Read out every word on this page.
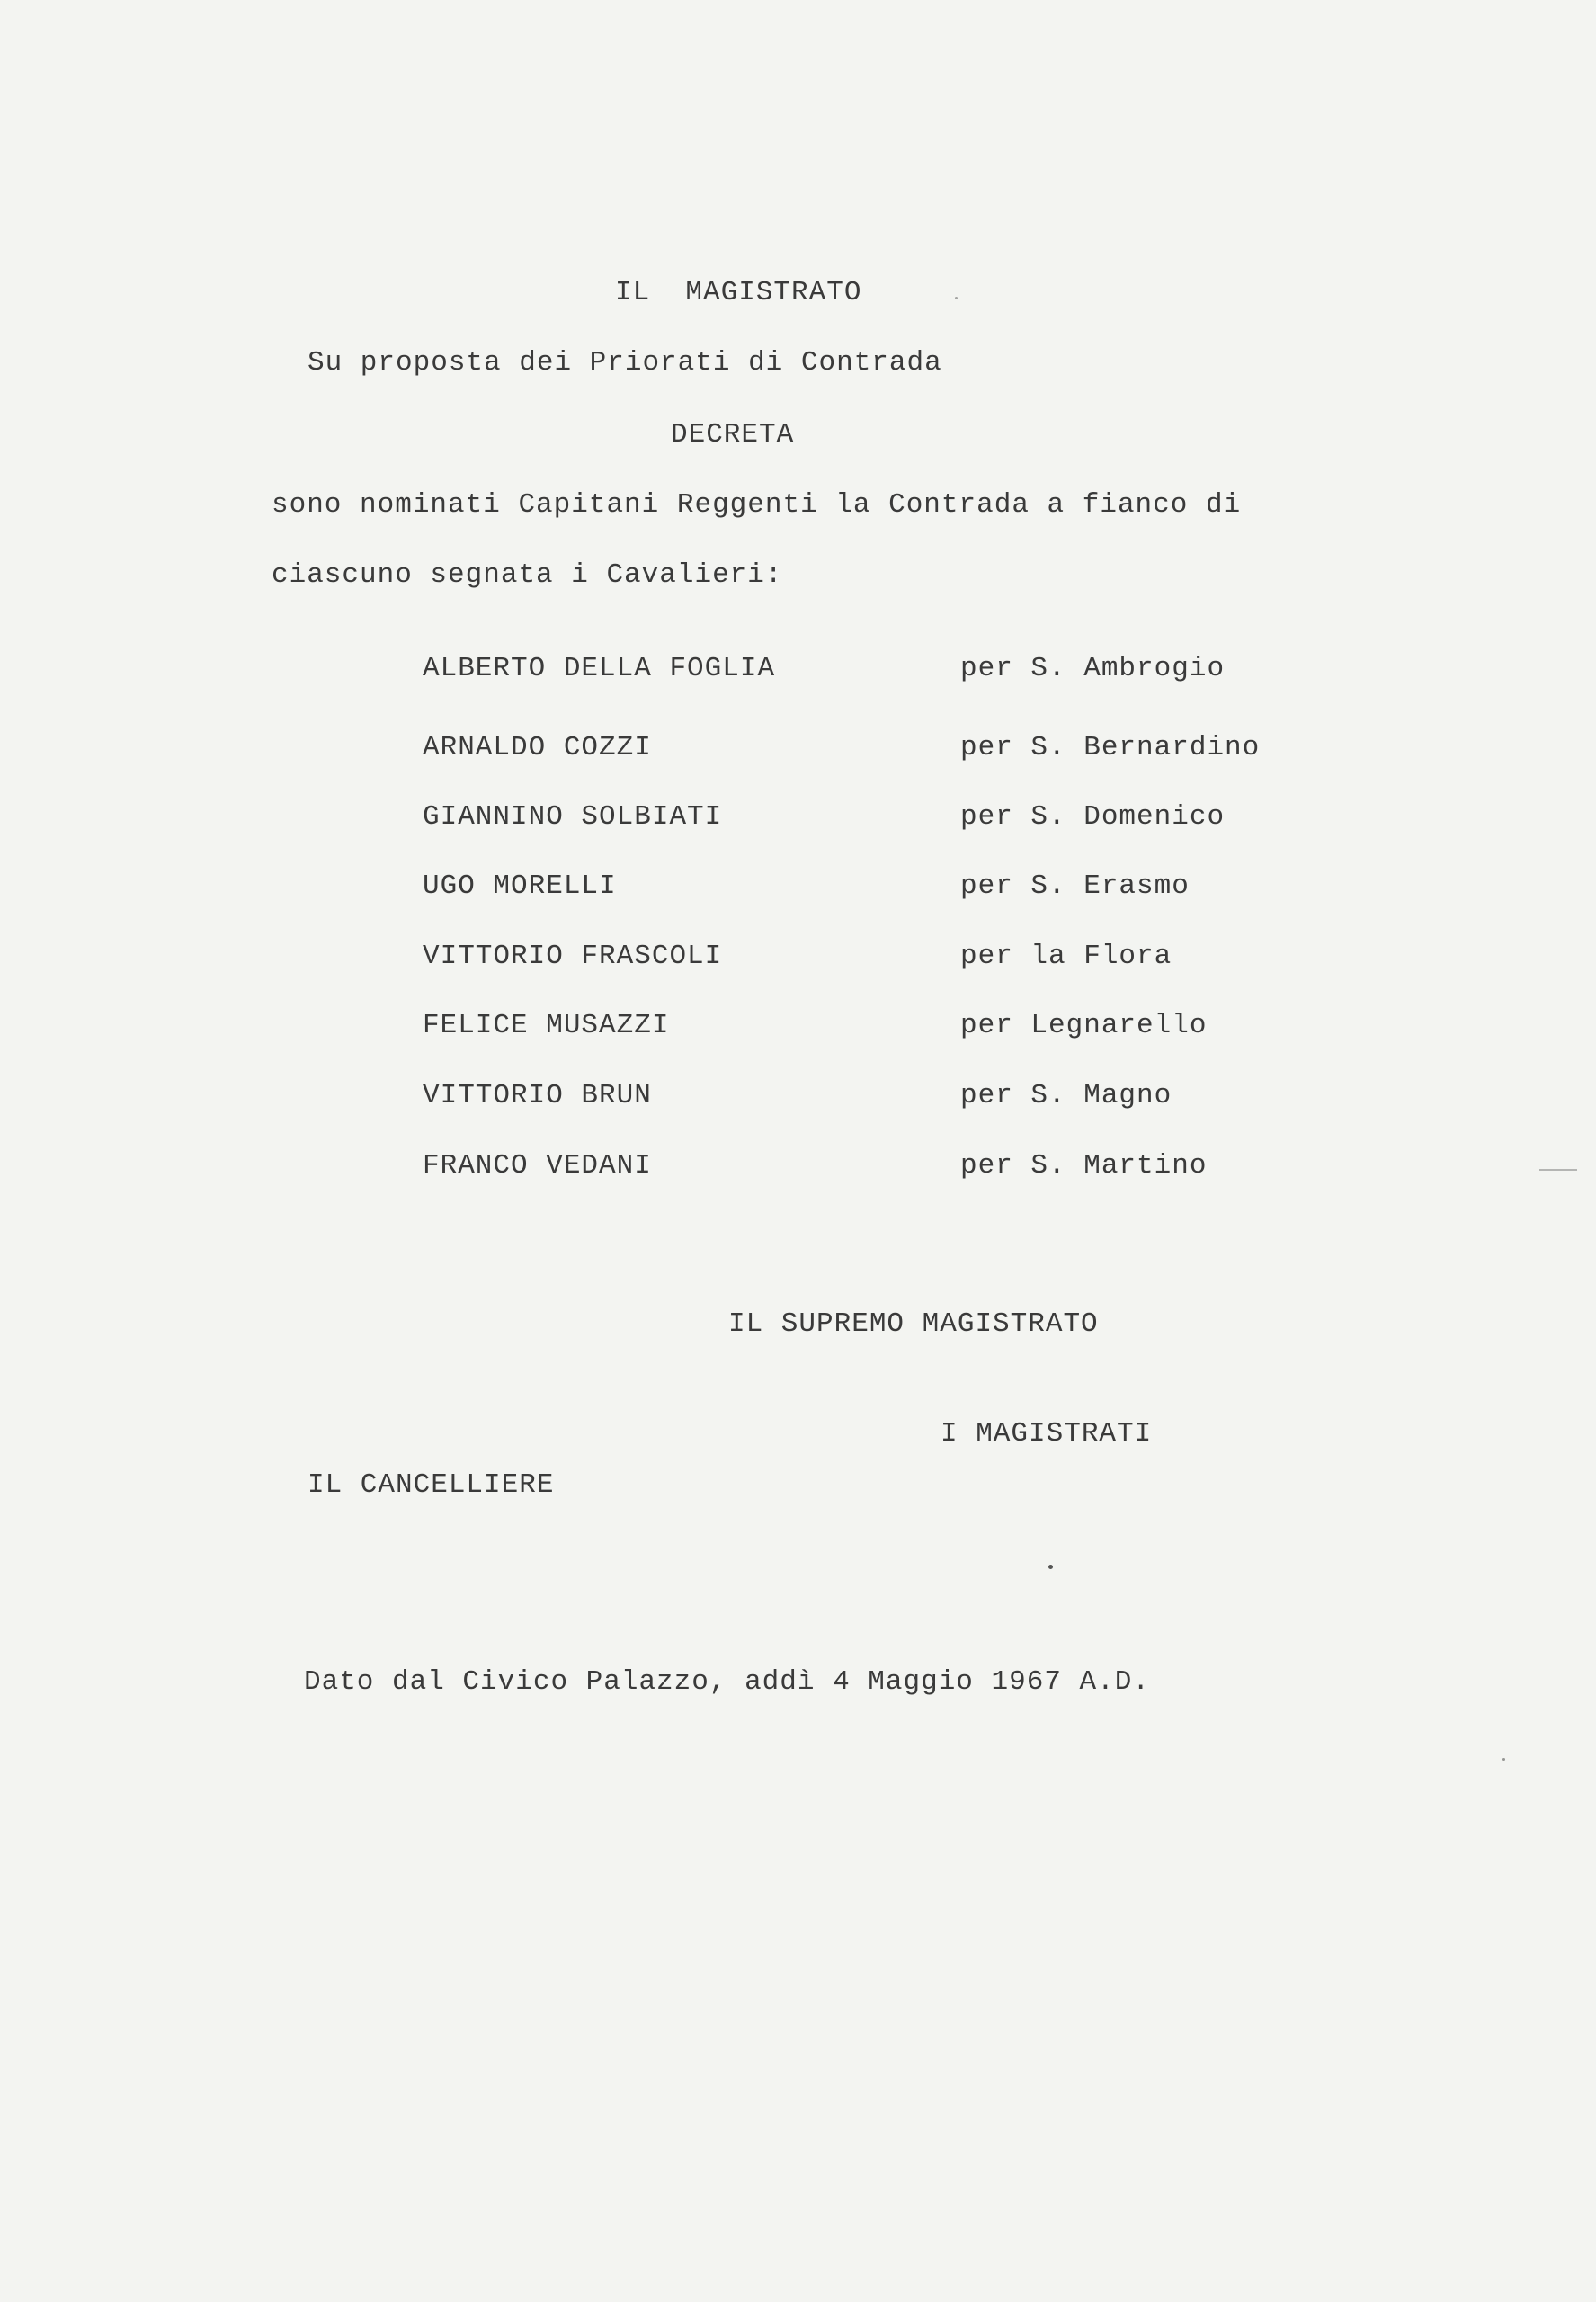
IL  MAGISTRATO
Su proposta dei Priorati di Contrada
DECRETA
sono nominati Capitani Reggenti la Contrada a fianco di
ciascuno segnata i Cavalieri:
ALBERTO DELLA FOGLIA	per S. Ambrogio
ARNALDO COZZI	per S. Bernardino
GIANNINO SOLBIATI	per S. Domenico
UGO MORELLI	per S. Erasmo
VITTORIO FRASCOLI	per la Flora
FELICE MUSAZZI	per Legnarello
VITTORIO BRUN	per S. Magno
FRANCO VEDANI	per S. Martino
IL SUPREMO MAGISTRATO
I MAGISTRATI
IL CANCELLIERE
Dato dal Civico Palazzo, addì 4 Maggio 1967 A.D.
